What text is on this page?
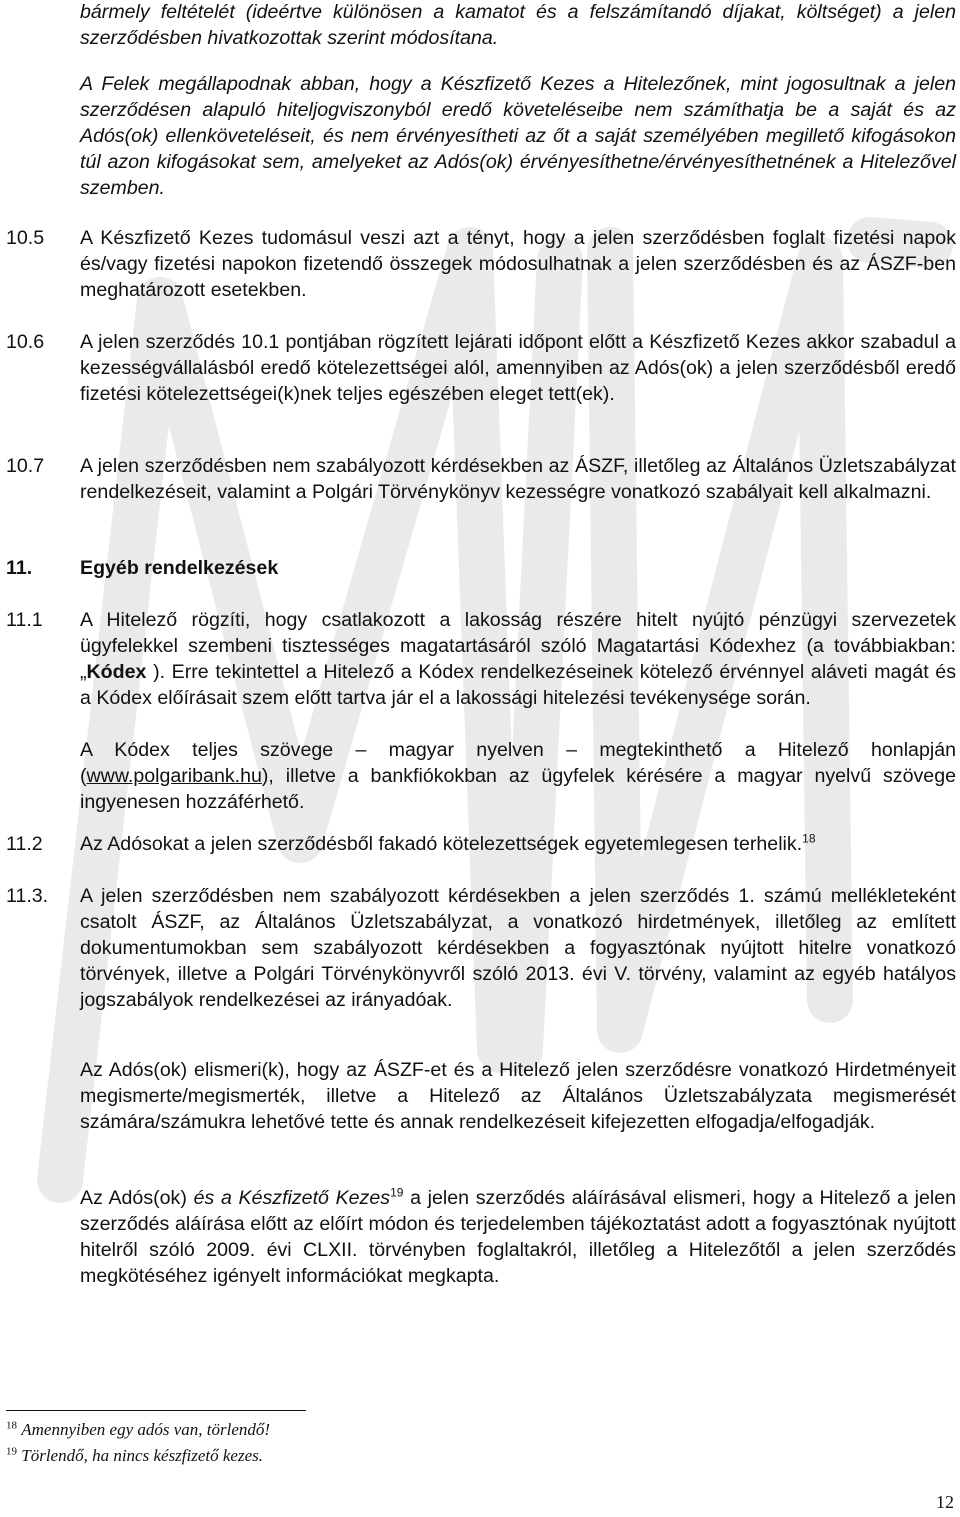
bármely feltételét (ideértve különösen a kamatot és a felszámítandó díjakat, költséget) a jelen szerződésben hivatkozottak szerint módosítana.
A Felek megállapodnak abban, hogy a Készfizető Kezes a Hitelezőnek, mint jogosultnak a jelen szerződésen alapuló hiteljogviszonyból eredő követeléseibe nem számíthatja be a saját és az Adós(ok) ellenköveteléseit, és nem érvényesítheti az őt a saját személyében megillető kifogásokon túl azon kifogásokat sem, amelyeket az Adós(ok) érvényesíthetne/érvényesíthetnének a Hitelezővel szemben.
10.5 A Készfizető Kezes tudomásul veszi azt a tényt, hogy a jelen szerződésben foglalt fizetési napok és/vagy fizetési napokon fizetendő összegek módosulhatnak a jelen szerződésben és az ÁSZF-ben meghatározott esetekben.
10.6 A jelen szerződés 10.1 pontjában rögzített lejárati időpont előtt a Készfizető Kezes akkor szabadul a kezességvállalásból eredő kötelezettségei alól, amennyiben az Adós(ok) a jelen szerződésből eredő fizetési kötelezettségei(k)nek teljes egészében eleget tett(ek).
10.7 A jelen szerződésben nem szabályozott kérdésekben az ÁSZF, illetőleg az Általános Üzletszabályzat rendelkezéseit, valamint a Polgári Törvénykönyv kezességre vonatkozó szabályait kell alkalmazni.
11. Egyéb rendelkezések
11.1 A Hitelező rögzíti, hogy csatlakozott a lakosság részére hitelt nyújtó pénzügyi szervezetek ügyfelekkel szembeni tisztességes magatartásáról szóló Magatartási Kódexhez (a továbbiakban: „Kódex ). Erre tekintettel a Hitelező a Kódex rendelkezéseinek kötelező érvénnyel aláveti magát és a Kódex előírásait szem előtt tartva jár el a lakossági hitelezési tevékenysége során.
A Kódex teljes szövege – magyar nyelven – megtekinthető a Hitelező honlapján (www.polgaribank.hu), illetve a bankfiókokban az ügyfelek kérésére a magyar nyelvű szövege ingyenesen hozzáférhető.
11.2 Az Adósokat a jelen szerződésből fakadó kötelezettségek egyetemlegesen terhelik.$^{18}$
11.3. A jelen szerződésben nem szabályozott kérdésekben a jelen szerződés 1. számú mellékleteként csatolt ÁSZF, az Általános Üzletszabályzat, a vonatkozó hirdetmények, illetőleg az említett dokumentumokban sem szabályozott kérdésekben a fogyasztónak nyújtott hitelre vonatkozó törvények, illetve a Polgári Törvénykönyvről szóló 2013. évi V. törvény, valamint az egyéb hatályos jogszabályok rendelkezései az irányadóak.
Az Adós(ok) elismeri(k), hogy az ÁSZF-et és a Hitelező jelen szerződésre vonatkozó Hirdetményeit megismerte/megismerték, illetve a Hitelező az Általános Üzletszabályzata megismerését számára/számukra lehetővé tette és annak rendelkezéseit kifejezetten elfogadja/elfogadják.
Az Adós(ok) és a Készfizető Kezes$^{19}$ a jelen szerződés aláírásával elismeri, hogy a Hitelező a jelen szerződés aláírása előtt az előírt módon és terjedelemben tájékoztatást adott a fogyasztónak nyújtott hitelről szóló 2009. évi CLXII. törvényben foglaltakról, illetőleg a Hitelezőtől a jelen szerződés megkötéséhez igényelt információkat megkapta.
$^{18}$ Amennyiben egy adós van, törlendő!
$^{19}$ Törlendő, ha nincs készfizető kezes.
12
